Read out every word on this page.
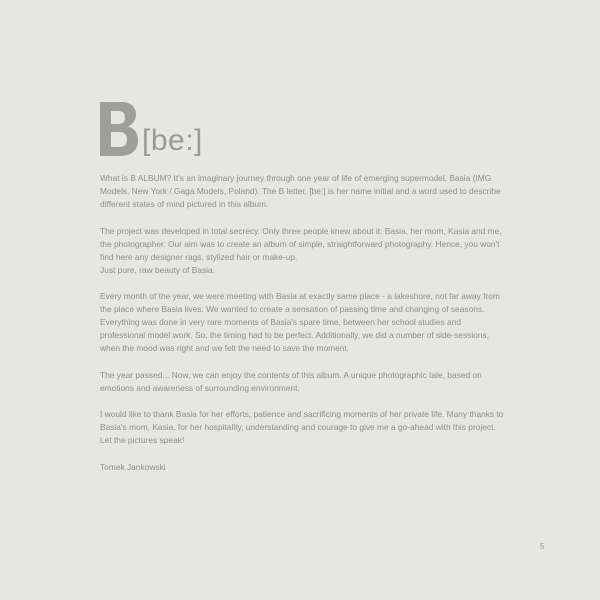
[be:]

What is B ALBUM? It's an imaginary journey through one year of life of emerging supermodel, Basia (IMG Models, New York / Gaga Models, Poland). The B letter, [be:] is her name initial and a word used to describe different states of mind pictured in this album.

The project was developed in total secrecy. Only three people knew about it: Basia, her mom, Kasia and me, the photographer. Our aim was to create an album of simple, straightforward photography. Hence, you won't find here any designer rags, stylized hair or make-up.

Just pure, raw beauty of Basia.

Every month of the year, we were meeting with Basia at exactly same place - a lakeshore, not far away from the place where Basia lives. We wanted to create a sensation of passing time and changing of seasons. Everything was done in very rare moments of Basia's spare time, between her school studies and professional model work. So, the timing had to be perfect. Additionally, we did a number of side-sessions, when the mood was right and we felt the need to save the moment.

The year passed... Now, we can enjoy the contents of this album. A unique photographic tale, based on emotions and awareness of surrounding environment.

I would like to thank Basia for her efforts, patience and sacrificing moments of her private life. Many thanks to Basia's mom, Kasia, for her hospitality, understanding and courage to give me a go-ahead with this project. Let the pictures speak!

Tomek Jankowski

5
